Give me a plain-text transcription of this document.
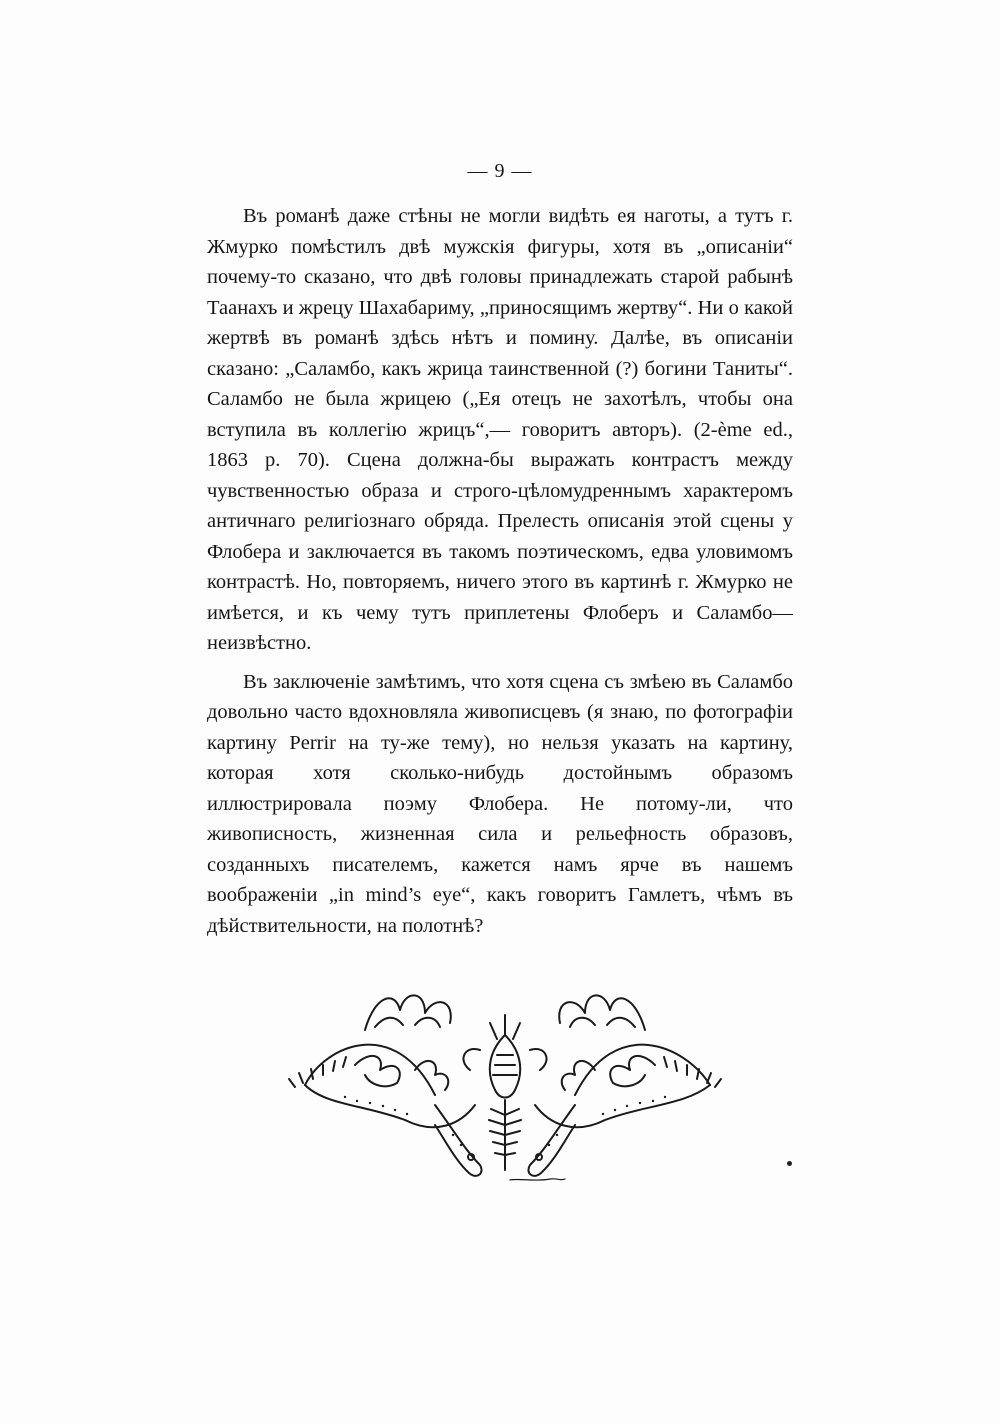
— 9 —

Въ романѣ даже стѣны не могли видѣть ея наготы, а тутъ г. Жмурко помѣстилъ двѣ мужскія фигуры, хотя въ „описаніи“ почему-то сказано, что двѣ головы принадлежать старой рабынѣ Таанахъ и жрецу Шахабариму, „приносящимъ жертву“. Ни о какой жертвѣ въ романѣ здѣсь нѣтъ и помину. Далѣе, въ описаніи сказано: „Саламбо, какъ жрица таинственной (?) богини Таниты“. Саламбо не была жрицею („Ея отецъ не захотѣлъ, чтобы она вступила въ коллегію жрицъ“,— говоритъ авторъ). (2-ème ed., 1863 p. 70). Сцена должна-бы выражать контрастъ между чувственностью образа и строго-цѣломудреннымъ характеромъ античнаго религіознаго обряда. Прелесть описанія этой сцены у Флобера и заключается въ такомъ поэтическомъ, едва уловимомъ контрастѣ. Но, повторяемъ, ничего этого въ картинѣ г. Жмурко не имѣется, и къ чему тутъ приплетены Флоберъ и Саламбо—неизвѣстно.

Въ заключеніе замѣтимъ, что хотя сцена съ змѣею въ Саламбо довольно часто вдохновляла живописцевъ (я знаю, по фотографіи картину Perrir на ту-же тему), но нельзя указать на картину, которая хотя сколько-нибудь достойнымъ образомъ иллюстрировала поэму Флобера. Не потому-ли, что живописность, жизненная сила и рельефность образовъ, созданныхъ писателемъ, кажется намъ ярче въ нашемъ воображеніи „in mind’s eye“, какъ говоритъ Гамлетъ, чѣмъ въ дѣйствительности, на полотнѣ?
